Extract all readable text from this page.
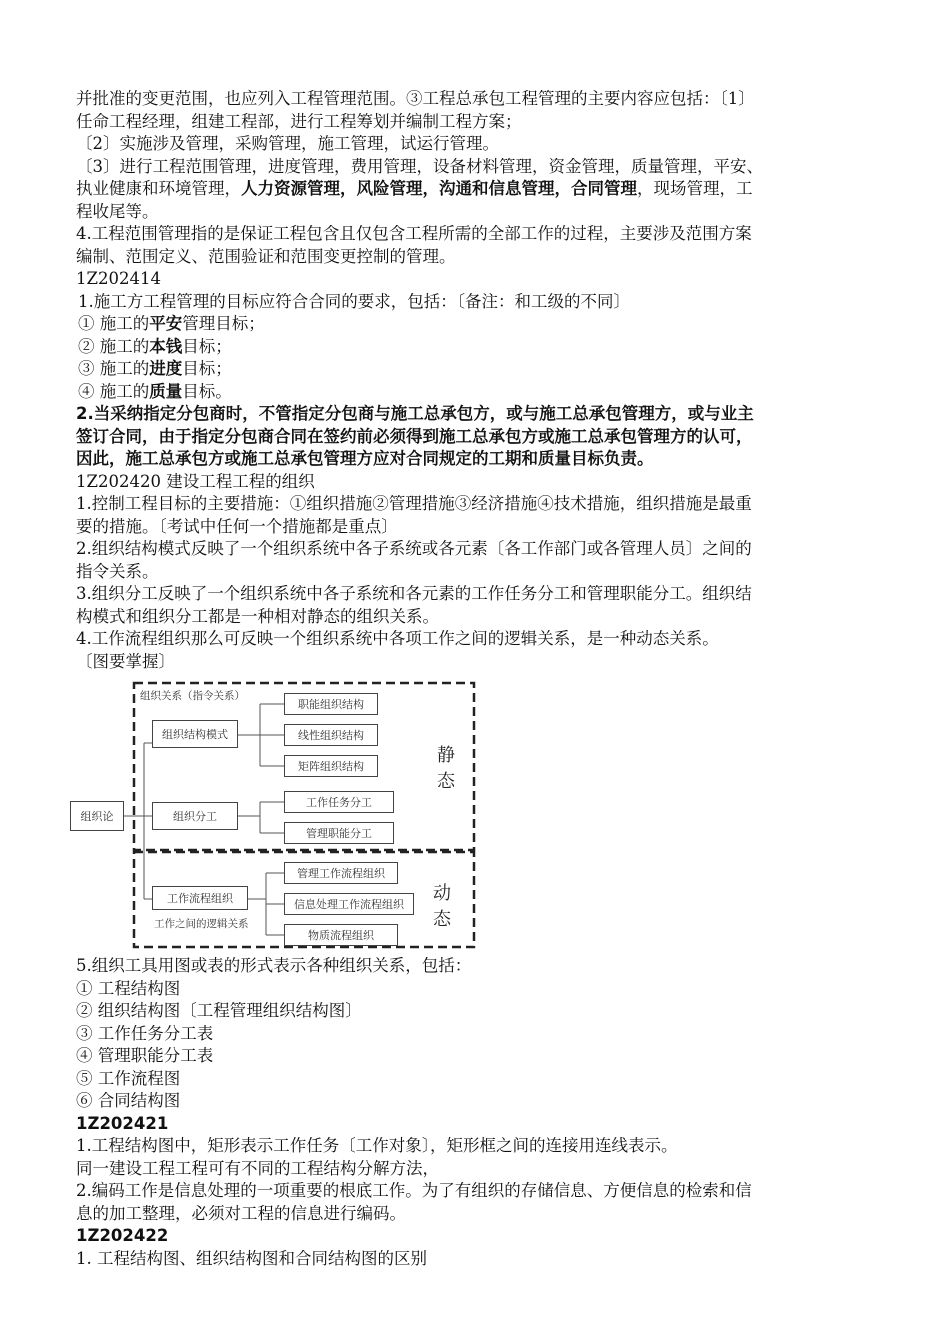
并批准的变更范围，也应列入工程管理范围。③工程总承包工程管理的主要内容应包括：〔1〕

任命工程经理，组建工程部，进行工程筹划并编制工程方案；

〔2〕实施涉及管理，采购管理，施工管理，试运行管理。

〔3〕进行工程范围管理，进度管理，费用管理，设备材料管理，资金管理，质量管理，平安、

执业健康和环境管理，人力资源管理，风险管理，沟通和信息管理，合同管理，现场管理，工

程收尾等。

4.工程范围管理指的是保证工程包含且仅包含工程所需的全部工作的过程，主要涉及范围方案

编制、范围定义、范围验证和范围变更控制的管理。

1Z202414

1.施工方工程管理的目标应符合合同的要求，包括：〔备注：和工级的不同〕

① 施工的平安管理目标；

② 施工的本钱目标；

③ 施工的进度目标；

④ 施工的质量目标。

2.当采纳指定分包商时，不管指定分包商与施工总承包方，或与施工总承包管理方，或与业主

签订合同，由于指定分包商合同在签约前必须得到施工总承包方或施工总承包管理方的认可，

因此，施工总承包方或施工总承包管理方应对合同规定的工期和质量目标负责。

1Z202420 建设工程工程的组织

1.控制工程目标的主要措施：①组织措施②管理措施③经济措施④技术措施，组织措施是最重

要的措施。〔考试中任何一个措施都是重点〕

2.组织结构模式反映了一个组织系统中各子系统或各元素〔各工作部门或各管理人员〕之间的

指令关系。

3.组织分工反映了一个组织系统中各子系统和各元素的工作任务分工和管理职能分工。组织结

构模式和组织分工都是一种相对静态的组织关系。

4.工作流程组织那么可反映一个组织系统中各项工作之间的逻辑关系，是一种动态关系。

〔图要掌握〕

组织关系（指令关系）
组织论
组织结构模式
职能组织结构
线性组织结构
矩阵组织结构
组织分工
工作任务分工
管理职能分工
工作流程组织
工作之间的逻辑关系
管理工作流程组织
信息处理工作流程组织
物质流程组织
静
态
动
态

5.组织工具用图或表的形式表示各种组织关系，包括：

① 工程结构图

② 组织结构图〔工程管理组织结构图〕

③ 工作任务分工表

④ 管理职能分工表

⑤ 工作流程图

⑥ 合同结构图

1Z202421

1.工程结构图中，矩形表示工作任务〔工作对象〕，矩形框之间的连接用连线表示。

同一建设工程工程可有不同的工程结构分解方法，

2.编码工作是信息处理的一项重要的根底工作。为了有组织的存储信息、方便信息的检索和信

息的加工整理，必须对工程的信息进行编码。

1Z202422

1. 工程结构图、组织结构图和合同结构图的区别
